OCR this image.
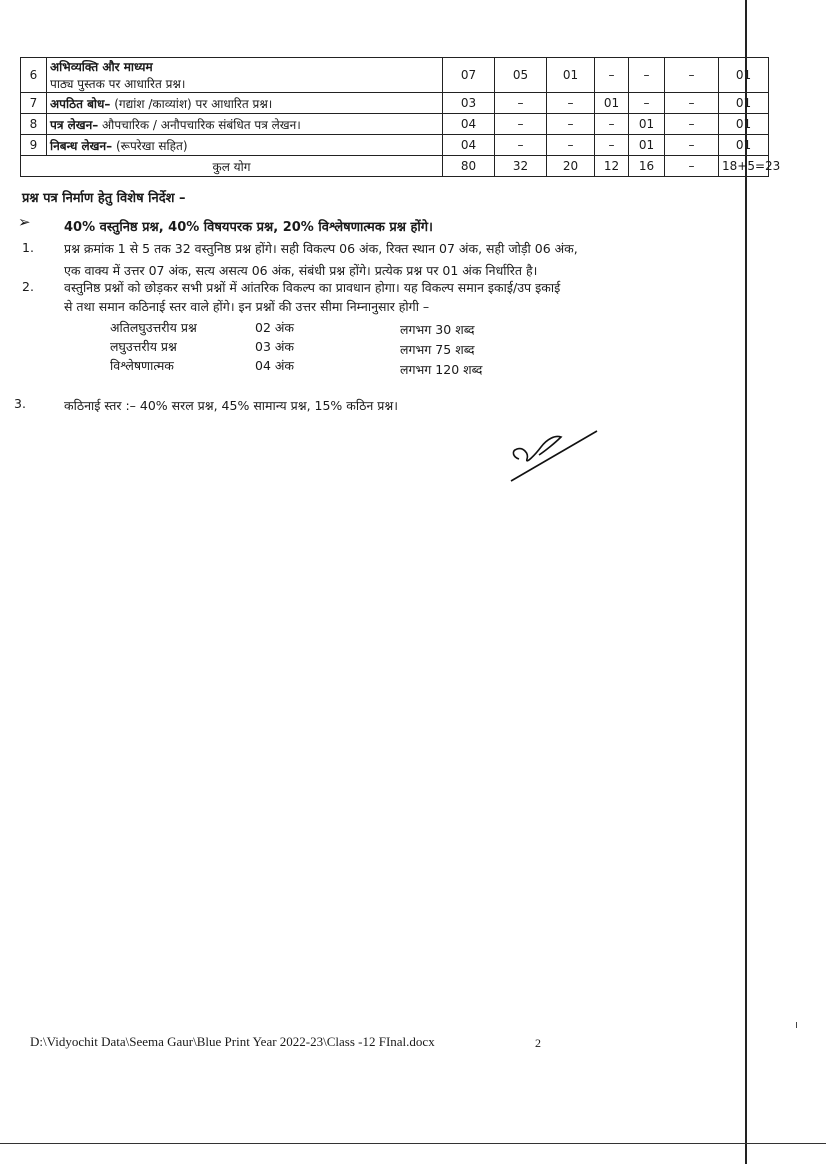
6	अभिव्यक्ति और माध्यम
पाठ्य पुस्तक पर आधारित प्रश्न।	07	05	01	–	–	–	01
7	अपठित बोध– (गद्यांश /काव्यांश) पर आधारित प्रश्न।	03	–	–	01	–	–	01
8	पत्र लेखन– औपचारिक / अनौपचारिक संबंधित पत्र लेखन।	04	–	–	–	01	–	01
9	निबन्ध लेखन– (रूपरेखा सहित)	04	–	–	–	01	–	01
कुल योग		80	32	20	12	16	–	18+5=23
प्रश्न पत्र निर्माण हेतु विशेष निर्देश –
➢	40% वस्तुनिष्ठ प्रश्न, 40% विषयपरक प्रश्न, 20% विश्लेषणात्मक प्रश्न होंगे।
1. प्रश्न क्रमांक 1 से 5 तक 32 वस्तुनिष्ठ प्रश्न होंगे। सही विकल्प 06 अंक, रिक्त स्थान 07 अंक, सही जोड़ी 06 अंक,
एक वाक्य में उत्तर 07 अंक, सत्य असत्य 06 अंक, संबंधी प्रश्न होंगे। प्रत्येक प्रश्न पर 01 अंक निर्धारित है।
2. वस्तुनिष्ठ प्रश्नों को छोड़कर सभी प्रश्नों में आंतरिक विकल्प का प्रावधान होगा। यह विकल्प समान इकाई/उप इकाई
से तथा समान कठिनाई स्तर वाले होंगे। इन प्रश्नों की उत्तर सीमा निम्नानुसार होगी –
अतिलघुउत्तरीय प्रश्न	02 अंक	लगभग 30 शब्द
लघुउत्तरीय प्रश्न	03 अंक	लगभग 75 शब्द
विश्लेषणात्मक	04 अंक	लगभग 120 शब्द
3.	कठिनाई स्तर :– 40% सरल प्रश्न, 45% सामान्य प्रश्न, 15% कठिन प्रश्न।
D:\Vidyochit Data\Seema Gaur\Blue Print Year 2022-23\Class -12 FInal.docx	2
